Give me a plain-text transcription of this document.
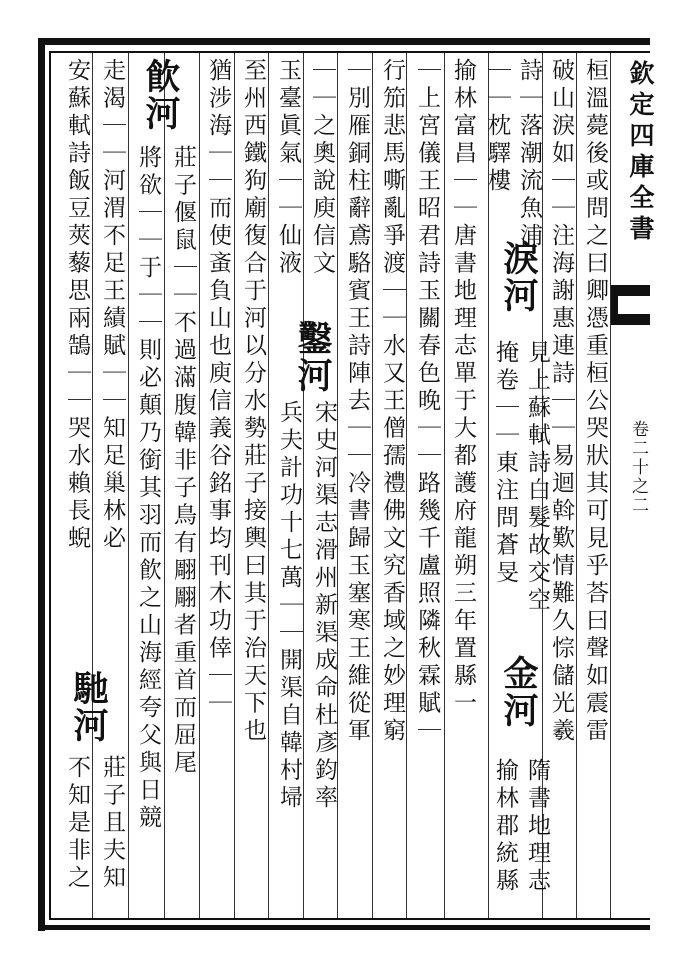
欽定四庫全書
卷二十之二
桓溫薨後或問之曰卿憑重桓公哭狀其可見乎荅曰聲如震雷
破山淚如｜｜注海謝惠連詩｜｜易迴斡歎情難久悰儲光羲
詩｜落潮流魚浦
淚河
見上蘇軾詩白髮故交空
｜｜枕驛樓
掩卷｜｜東注問蒼旻
金河
隋書地理志
揄林郡統縣
揄林富昌｜｜唐書地理志單于大都護府龍朔三年置縣一
｜上宮儀王昭君詩玉關春色晚｜｜路幾千盧照隣秋霖賦｜
行笳悲馬嘶亂爭渡｜｜水又王僧孺禮佛文究香域之妙理窮
｜別雁銅柱辭鳶駱賓王詩陣去｜｜冷書歸玉塞寒王維從軍
｜｜之奧說庾信文
鑿河
宋史河渠志滑州新渠成命杜彥鈞率
玉臺眞氣｜｜仙液
兵夫計功十七萬｜｜開渠自韓村埽
至州西鐵狗廟復合于河以分水勢莊子接輿曰其于治天下也
猶涉海｜｜而使蚉負山也庾信義谷銘事均刊木功倖｜｜
飮河
莊子偃鼠｜｜不過滿腹韓非子鳥有翢翢者重首而屈尾
將欲｜｜于｜｜則必顛乃銜其羽而飮之山海經夸父與日競
走渴｜｜河渭不足王績賦｜｜知足巢林必
安蘇軾詩飯豆莢藜思兩鵠｜｜哭水賴長蜺
馳河
莊子且夫知
不知是非之
